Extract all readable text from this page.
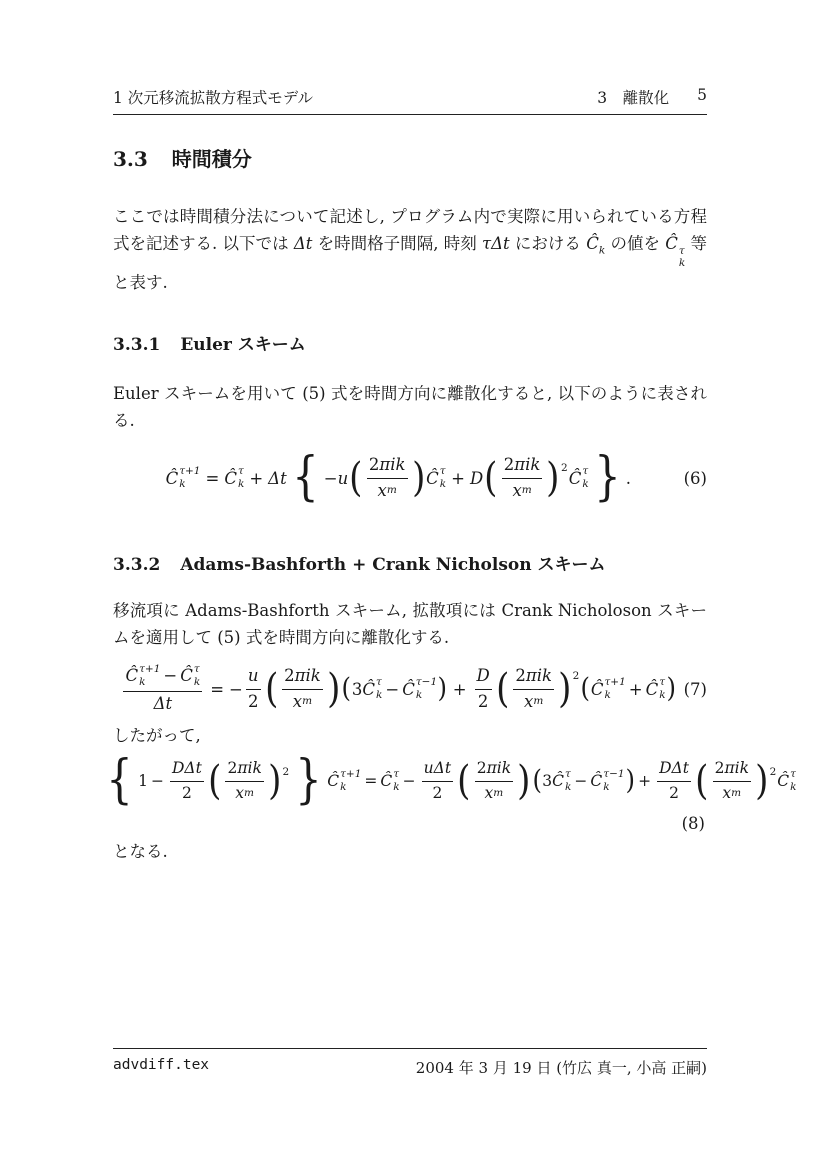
1 次元移流拡散方程式モデル	3　離散化 5
3.3 時間積分

ここでは時間積分法について記述し, プログラム内で実際に用いられている方程式を記述する. 以下では Δt を時間格子間隔, 時刻 τΔt における $Ĉ_k$ の値を Ĉ τ
k
等と表す.

3.3.1 Euler スキーム

Euler スキームを用いて (5) 式を時間方向に離散化すると, 以下のように表される.

Ĉ τ+1
k = Ĉ τ
k + Δt { − u ( $\frac{\text{2 πik}}{\text{x m}}$ ) Ĉ τ
k + D ( $\frac{\text{2 πik}}{\text{x m}}$ ) 2
Ĉ τ
k } .	(6)
3.3.2 Adams-Bashforth + Crank Nicholson スキーム

移流項に Adams-Bashforth スキーム, 拡散項には Crank Nicholoson スキームを適用して (5) 式を時間方向に離散化する.

Ĉ τ+1
k − Ĉ τ
k
Δt = − $\frac{u}{2}$ ( $\frac{\text{2 πik}}{\text{x m}}$ ) ( 3 Ĉ τ
k − Ĉ τ−1
k ) + $\frac{D}{2}$ ( $\frac{\text{2 πik}}{\text{x m}}$ ) 2 ( Ĉ τ+1
k + Ĉ τ
k ) (7)

したがって,

{ $1 - \frac{\text{DΔt}}{2}$ ( $\frac{\text{2 πik}}{\text{x m}}$ ) 2 } Ĉ τ+1
k = Ĉ τ
$k - \frac{\text{uΔt}}{2}$ ( $\frac{\text{2 πik}}{\text{x m}}$ ) ( 3 Ĉ τ
k − Ĉ τ−1
k ) + $\frac{\text{DΔt}}{2}$ ( $\frac{\text{2 πik}}{\text{x m}}$ ) 2 Ĉ τ
k
(8)

となる.

advdiff.tex	2004 年 3 月 19 日 (竹広 真一, 小高 正嗣)
